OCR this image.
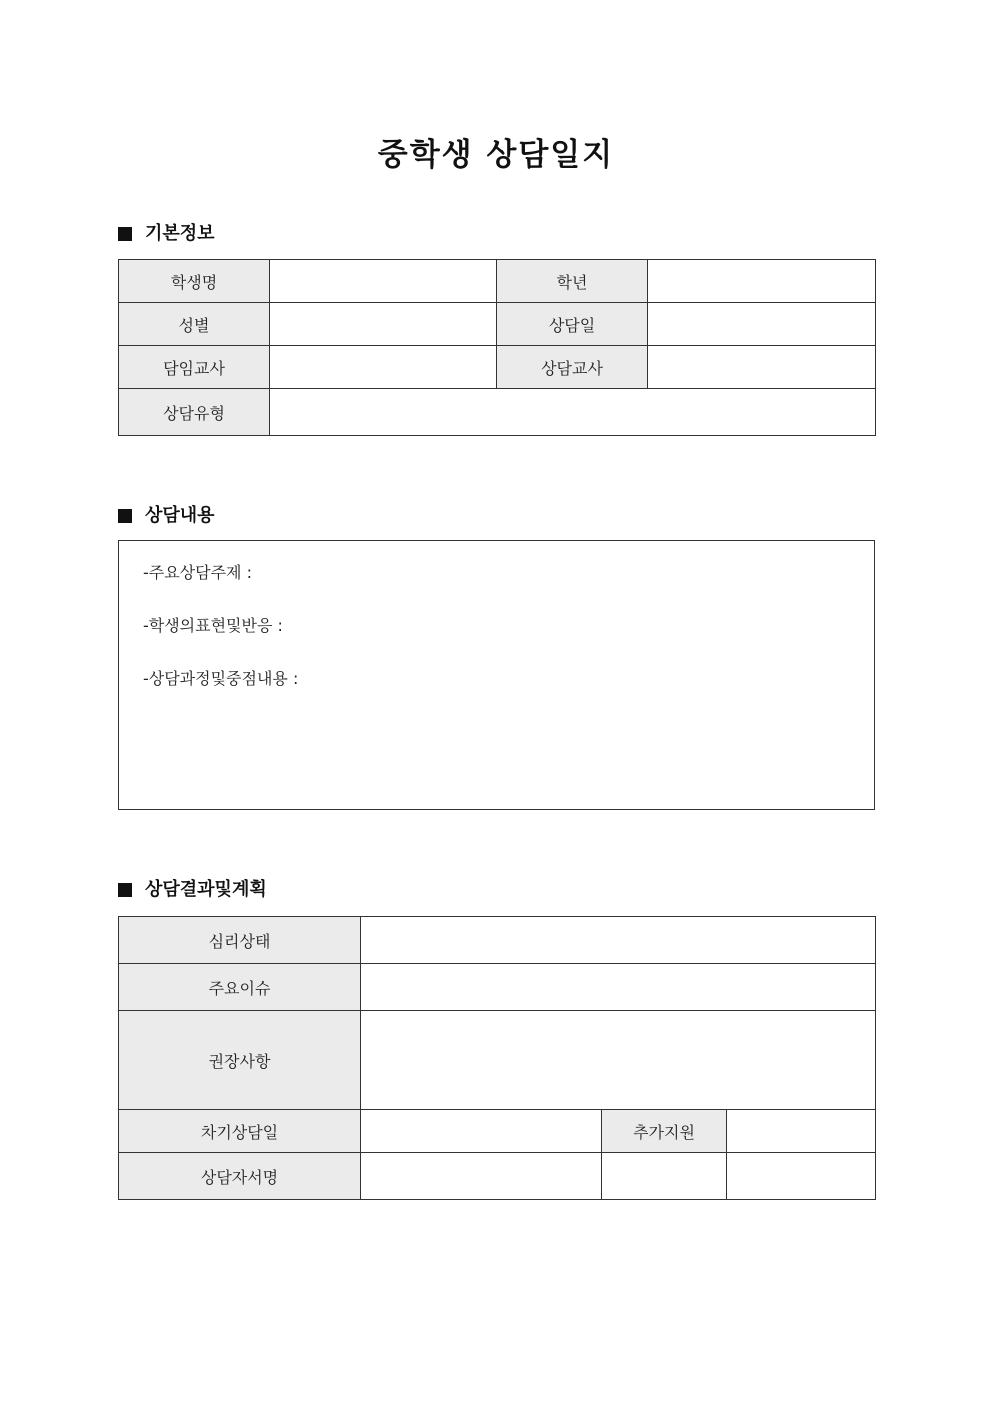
중학생 상담일지
기본정보
학생명		학년	
성별		상담일	
담임교사		상담교사	
상담유형			
상담내용
-주요상담주제 :
-학생의표현및반응 :
-상담과정및중점내용 :
상담결과및계획
심리상태			
주요이슈			
권장사항			
차기상담일		추가지원	
상담자서명			
